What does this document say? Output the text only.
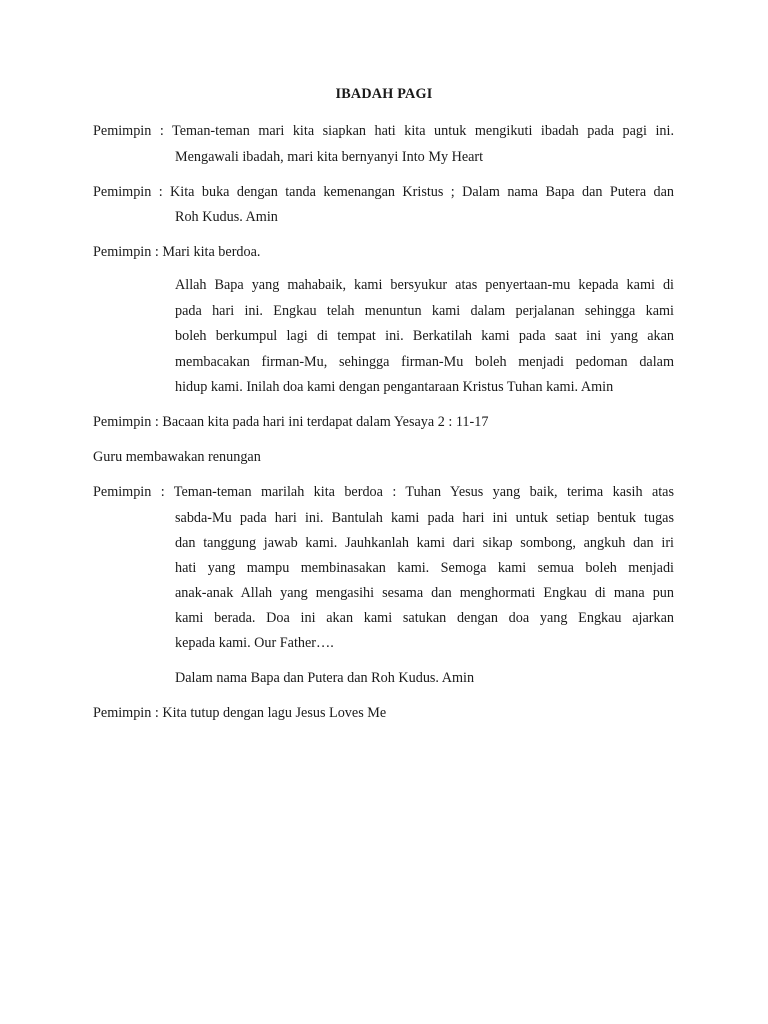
IBADAH PAGI
Pemimpin : Teman-teman mari kita siapkan hati kita untuk mengikuti ibadah pada pagi ini.
Mengawali ibadah, mari kita bernyanyi Into My Heart
Pemimpin : Kita buka dengan tanda kemenangan Kristus ; Dalam nama Bapa dan Putera dan
Roh Kudus. Amin
Pemimpin : Mari kita berdoa.
Allah Bapa yang mahabaik, kami bersyukur atas penyertaan-mu kepada kami di
pada hari ini. Engkau telah menuntun kami dalam perjalanan sehingga kami
boleh berkumpul lagi di tempat ini. Berkatilah kami pada saat ini yang akan
membacakan firman-Mu, sehingga firman-Mu boleh menjadi pedoman dalam
hidup kami. Inilah doa kami dengan pengantaraan Kristus Tuhan kami. Amin
Pemimpin : Bacaan kita pada hari ini terdapat dalam Yesaya 2 : 11-17
Guru membawakan renungan
Pemimpin : Teman-teman marilah kita berdoa : Tuhan Yesus yang baik, terima kasih atas
sabda-Mu pada hari ini. Bantulah kami pada hari ini untuk setiap bentuk tugas
dan tanggung jawab kami. Jauhkanlah kami dari sikap sombong, angkuh dan iri
hati yang mampu membinasakan kami. Semoga kami semua boleh menjadi
anak-anak Allah yang mengasihi sesama dan menghormati Engkau di mana pun
kami berada. Doa ini akan kami satukan dengan doa yang Engkau ajarkan
kepada kami. Our Father….
Dalam nama Bapa dan Putera dan Roh Kudus. Amin
Pemimpin : Kita tutup dengan lagu Jesus Loves Me
